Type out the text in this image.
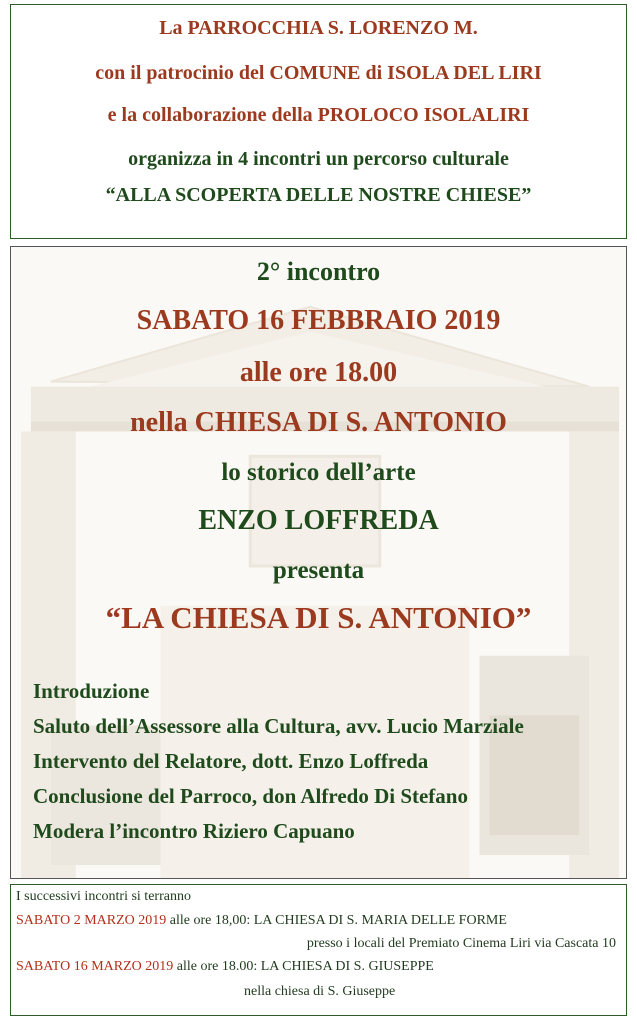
La PARROCCHIA S. LORENZO M.
con il patrocinio del COMUNE di ISOLA DEL LIRI
e la collaborazione della PROLOCO ISOLALIRI
organizza in 4 incontri un percorso culturale
“ALLA SCOPERTA DELLE NOSTRE CHIESE”
2° incontro
SABATO 16 FEBBRAIO 2019
alle ore 18.00
nella CHIESA DI S. ANTONIO
lo storico dell’arte
ENZO LOFFREDA
presenta
“LA CHIESA DI S. ANTONIO”
Introduzione
Saluto dell’Assessore alla Cultura, avv. Lucio Marziale
Intervento del Relatore, dott. Enzo Loffreda
Conclusione del Parroco, don Alfredo Di Stefano
Modera l’incontro Riziero Capuano
I successivi incontri si terranno
SABATO 2 MARZO 2019 alle ore 18,00: LA CHIESA DI S. MARIA DELLE FORME
presso i locali del Premiato Cinema Liri via Cascata 10
SABATO 16 MARZO 2019 alle ore 18.00: LA CHIESA DI S. GIUSEPPE
nella chiesa di S. Giuseppe
